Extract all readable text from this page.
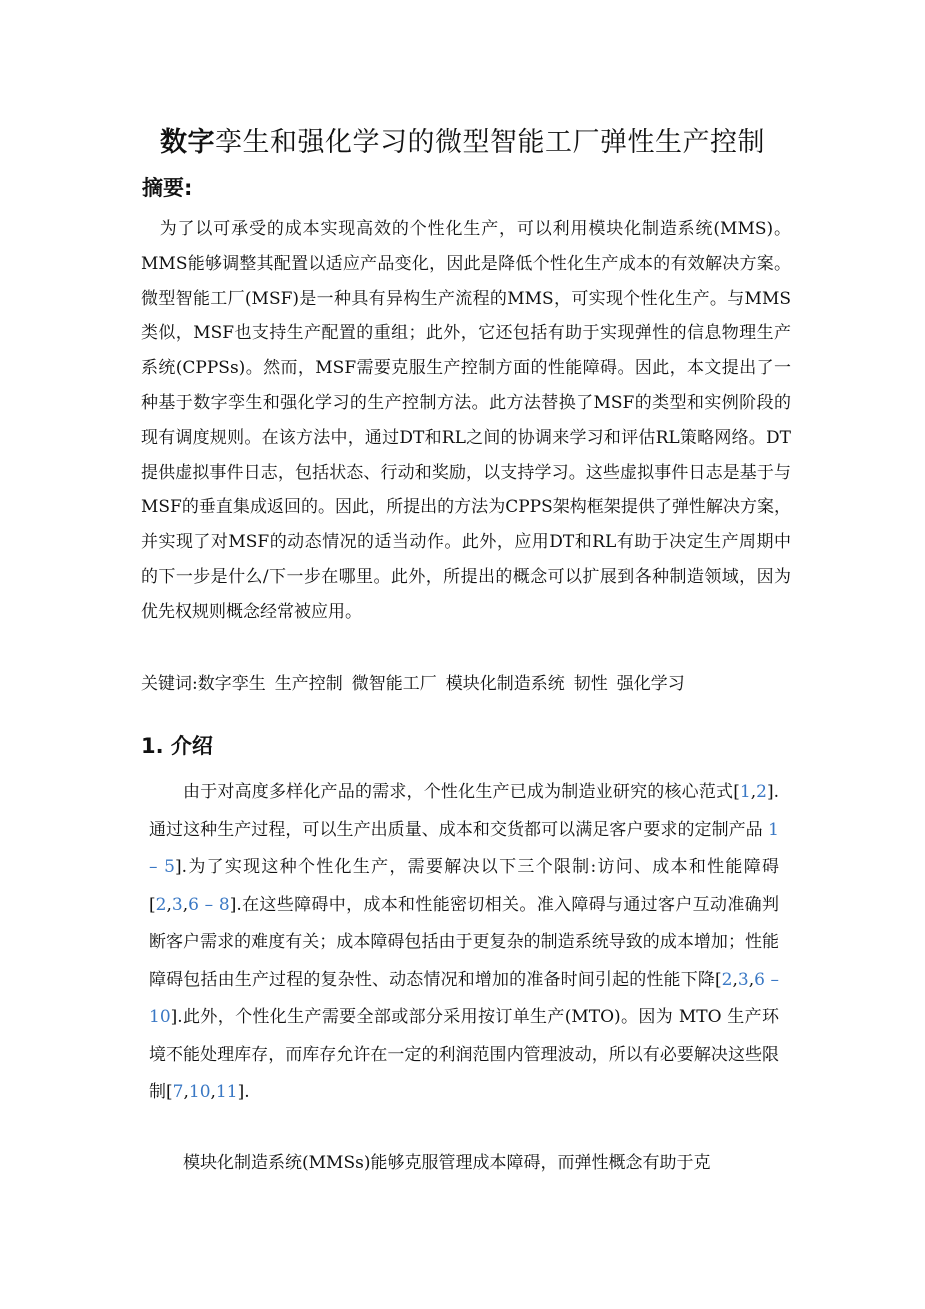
数字孪生和强化学习的微型智能工厂弹性生产控制
摘要:

为了以可承受的成本实现高效的个性化生产，可以利用模块化制造系统(MMS)。MMS能够调整其配置以适应产品变化，因此是降低个性化生产成本的有效解决方案。微型智能工厂(MSF)是一种具有异构生产流程的MMS，可实现个性化生产。与MMS类似，MSF也支持生产配置的重组；此外，它还包括有助于实现弹性的信息物理生产系统(CPPSs)。然而，MSF需要克服生产控制方面的性能障碍。因此，本文提出了一种基于数字孪生和强化学习的生产控制方法。此方法替换了MSF的类型和实例阶段的现有调度规则。在该方法中，通过DT和RL之间的协调来学习和评估RL策略网络。DT提供虚拟事件日志，包括状态、行动和奖励，以支持学习。这些虚拟事件日志是基于与MSF的垂直集成返回的。因此，所提出的方法为CPPS架构框架提供了弹性解决方案，并实现了对MSF的动态情况的适当动作。此外，应用DT和RL有助于决定生产周期中的下一步是什么/下一步在哪里。此外，所提出的概念可以扩展到各种制造领域，因为优先权规则概念经常被应用。

关键词:数字孪生 生产控制 微智能工厂 模块化制造系统 韧性 强化学习
1. 介绍

由于对高度多样化产品的需求，个性化生产已成为制造业研究的核心范式[1,2].通过这种生产过程，可以生产出质量、成本和交货都可以满足客户要求的定制产品 1 – 5].为了实现这种个性化生产，需要解决以下三个限制:访问、成本和性能障碍[2,3,6 – 8].在这些障碍中，成本和性能密切相关。准入障碍与通过客户互动准确判断客户需求的难度有关；成本障碍包括由于更复杂的制造系统导致的成本增加；性能障碍包括由生产过程的复杂性、动态情况和增加的准备时间引起的性能下降[2,3,6 – 10].此外，个性化生产需要全部或部分采用按订单生产(MTO)。因为 MTO 生产环境不能处理库存，而库存允许在一定的利润范围内管理波动，所以有必要解决这些限制[7,10,11].

模块化制造系统(MMSs)能够克服管理成本障碍，而弹性概念有助于克
